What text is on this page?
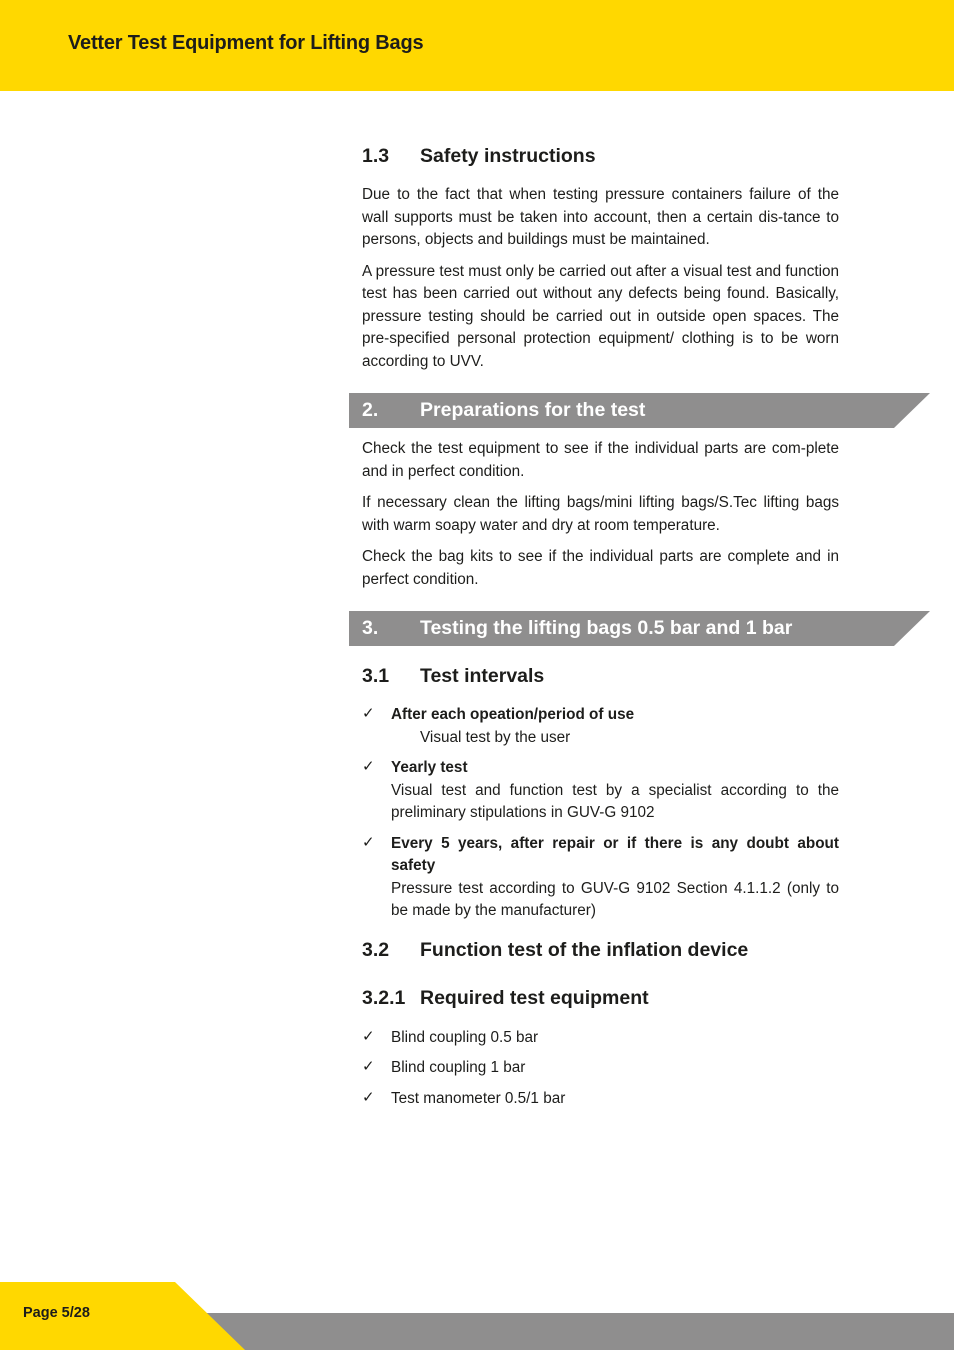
Vetter Test Equipment for Lifting Bags
1.3	Safety instructions

Due to the fact that when testing pressure containers failure of the wall supports must be taken into account, then a certain dis-tance to persons, objects and buildings must be maintained.

A pressure test must only be carried out after a visual test and function test has been carried out without any defects being found. Basically, pressure testing should be carried out in outside open spaces. The pre-specified personal protection equipment/ clothing is to be worn according to UVV.

2.	Preparations for the test

Check the test equipment to see if the individual parts are com-plete and in perfect condition.

If necessary clean the lifting bags/mini lifting bags/S.Tec lifting bags with warm soapy water and dry at room temperature.

Check the bag kits to see if the individual parts are complete and in perfect condition.

3.	Testing the lifting bags 0.5 bar and 1 bar
3.1	Test intervals
✓ After each opeation/period of use
Visual test by the user
✓ Yearly test
Visual test and function test by a specialist according to the preliminary stipulations in GUV-G 9102
✓ Every 5 years, after repair or if there is any doubt about safety
Pressure test according to GUV-G 9102 Section 4.1.1.2 (only to be made by the manufacturer)
3.2	Function test of the inflation device
3.2.1 Required test equipment
✓ Blind coupling 0.5 bar
✓ Blind coupling 1 bar
✓ Test manometer 0.5/1 bar
Page 5/28
